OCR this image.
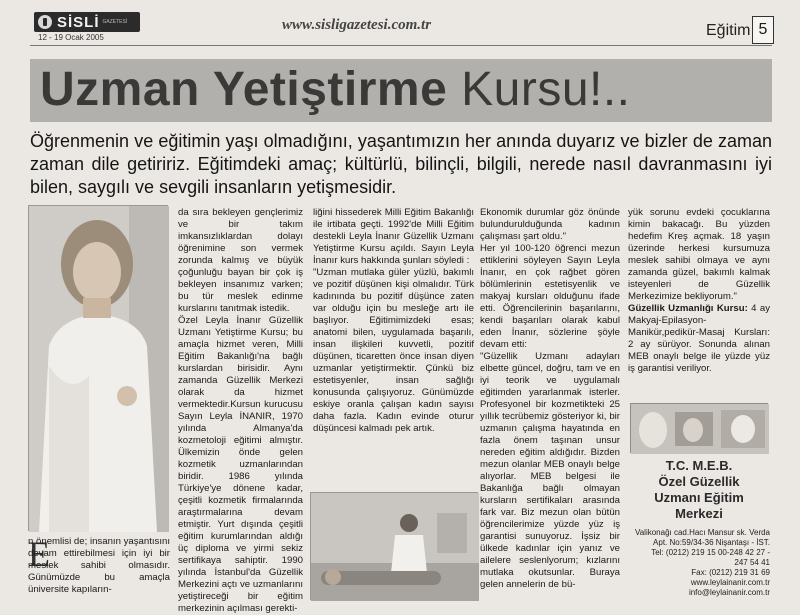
SİSLİ GAZETESİ
12 - 19 Ocak 2005
www.sisligazetesi.com.tr	Eğitim 5
Uzman Yetiştirme Kursu!..
Öğrenmenin ve eğitimin yaşı olmadığını, yaşantımızın her anında duyarız ve bizler de zaman zaman dile getiririz. Eğitimdeki amaç; kültürlü, bilinçli, bilgili, nerede nasıl davranmasını iyi bilen, saygılı ve sevgili insanların yetişmesidir.

da sıra bekleyen gençlerimiz ve bir takım imkansızlıklardan dolayı öğrenimine son vermek zorunda kalmış ve büyük çoğunluğu bayan bir çok iş bekleyen insanımız varken; bu tür meslek edinme kurslarını tanıtmak istedik.

Özel Leyla İnanır Güzellik Uzmanı Yetiştirme Kursu; bu amaçla hizmet veren, Milli Eğitim Bakanlığı'na bağlı kurslardan birisidir. Aynı zamanda Güzellik Merkezi olarak da hizmet vermektedir.Kursun kurucusu Sayın Leyla İNANIR, 1970 yılında Almanya'da kozmetoloji eğitimi almıştır. Ülkemizin önde gelen kozmetik uzmanlarından biridir. 1986 yılında Türkiye'ye dönene kadar, çeşitli kozmetik firmalarında araştırmalarına devam etmiştir. Yurt dışında çeşitli eğitim kurumlarından aldığı üç diploma ve yirmi sekiz sertifikaya sahiptir. 1990 yılında İstanbul'da Güzellik Merkezini açtı ve uzmanlarını yetiştireceği bir eğitim merkezinin açılması gerekti-

E

n önemlisi de; insanın yaşantısını devam ettirebilmesi için iyi bir meslek sahibi olmasıdır. Günümüzde bu amaçla üniversite kapıların-

liğini hissederek Milli Eğitim Bakanlığı ile irtibata geçti. 1992'de Milli Eğitim destekli Leyla İnanır Güzellik Uzmanı Yetiştirme Kursu açıldı. Sayın Leyla İnanır kurs hakkında şunları söyledi :

"Uzman mutlaka güler yüzlü, bakımlı ve pozitif düşünen kişi olmalıdır. Türk kadınında bu pozitif düşünce zaten var olduğu için bu mesleğe artı ile başlıyor. Eğitimimizdeki esas; anatomi bilen, uygulamada başarılı, insan ilişkileri kuvvetli, pozitif düşünen, ticaretten önce insan diyen uzmanlar yetiştirmektir. Çünkü biz estetisyenler, insan sağlığı konusunda çalışıyoruz. Günümüzde eskiye oranla çalışan kadın sayısı daha fazla. Kadın evinde oturur düşüncesi kalmadı pek artık.

Ekonomik durumlar göz önünde bulundurulduğunda kadının çalışması şart oldu."

Her yıl 100-120 öğrenci mezun ettiklerini söyleyen Sayın Leyla İnanır, en çok rağbet gören bölümlerinin estetisyenlik ve makyaj kursları olduğunu ifade etti. Öğrencilerinin başarılarını, kendi başarıları olarak kabul eden İnanır, sözlerine şöyle devam etti:

"Güzellik Uzmanı adayları elbette güncel, doğru, tam ve en iyi teorik ve uygulamalı eğitimden yararlanmak isterler. Profesyonel bir kozmetikteki 25 yıllık tecrübemiz gösteriyor ki, bir uzmanın çalışma hayatında en fazla önem taşınan unsur nereden eğitim aldığıdır. Bizden mezun olanlar MEB onaylı belge alıyorlar. MEB belgesi ile Bakanlığa bağlı olmayan kursların sertifikaları arasında fark var. Biz mezun olan bütün öğrencilerimize yüzde yüz iş garantisi sunuyoruz. İşsiz bir ülkede kadınlar için yanız ve ailelere seslenlyorum; kızlarını mutlaka okutsunlar. Buraya gelen annelerin de bü-

yük sorunu evdeki çocuklarına kimin bakacağı. Bu yüzden hedefim Kreş açmak. 18 yaşın üzerinde herkesi kursumuza meslek sahibi olmaya ve aynı zamanda güzel, bakımlı kalmak isteyenleri de Güzellik Merkezimize bekliyorum."

Güzellik Uzmanlığı Kursu: 4 ay Makyaj-Epilasyon-Manikür,pedikür-Masaj Kursları: 2 ay sürüyor. Sonunda alınan MEB onaylı belge ile yüzde yüz iş garantisi veriliyor.

T.C. M.E.B.
Özel Güzellik
Uzmanı Eğitim
Merkezi
Valikonağı cad.Hacı Mansur sk. Verda
Apt. No:59/34-36 Nişantaşı - İST.
Tel: (0212) 219 15 00-248 42 27 -
247 54 41
Fax: (0212) 219 31 69
www.leylainanir.com.tr
info@leylainanir.com.tr
